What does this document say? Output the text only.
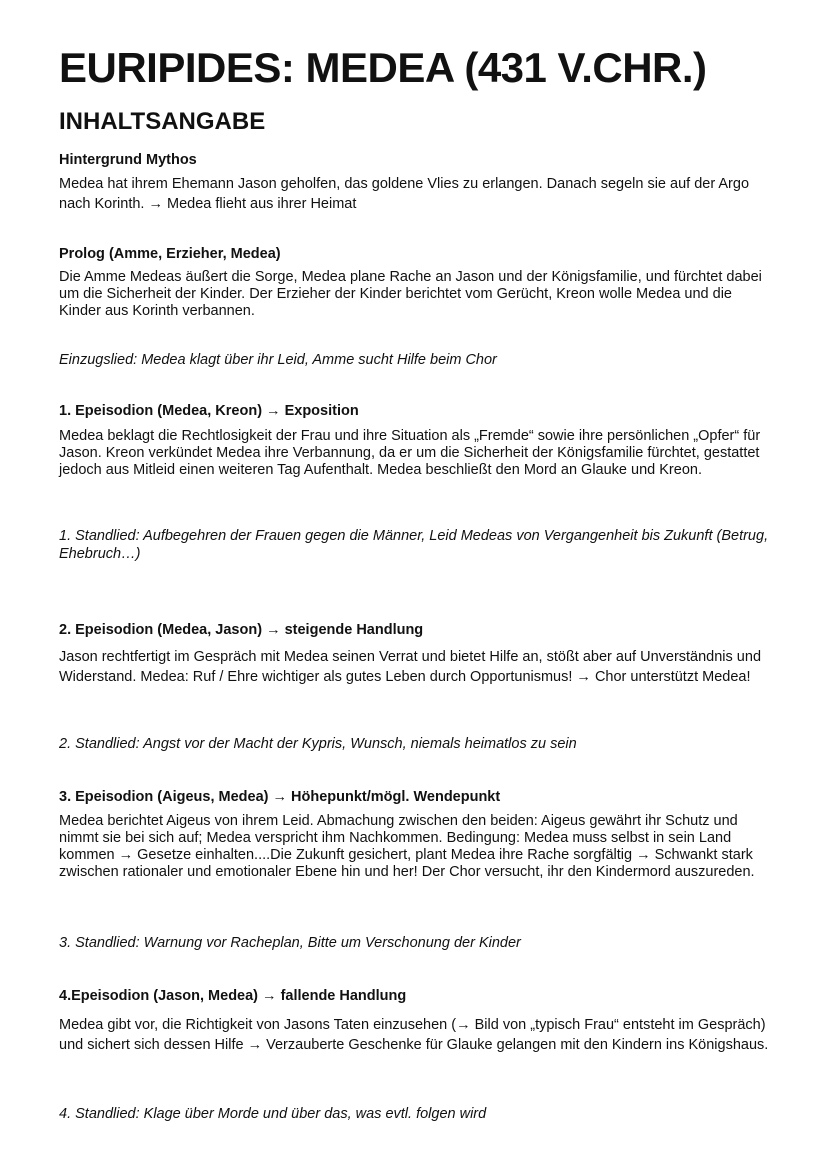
EURIPIDES: MEDEA (431 V.CHR.)
INHALTSANGABE
Hintergrund Mythos

Medea hat ihrem Ehemann Jason geholfen, das goldene Vlies zu erlangen. Danach segeln sie auf der Argo nach Korinth. → Medea flieht aus ihrer Heimat

Prolog (Amme, Erzieher, Medea)

Die Amme Medeas äußert die Sorge, Medea plane Rache an Jason und der Königsfamilie, und fürchtet dabei um die Sicherheit der Kinder. Der Erzieher der Kinder berichtet vom Gerücht, Kreon wolle Medea und die Kinder aus Korinth verbannen.

Einzugslied: Medea klagt über ihr Leid, Amme sucht Hilfe beim Chor

1. Epeisodion (Medea, Kreon) → Exposition

Medea beklagt die Rechtlosigkeit der Frau und ihre Situation als „Fremde“ sowie ihre persönlichen „Opfer“ für Jason. Kreon verkündet Medea ihre Verbannung, da er um die Sicherheit der Königsfamilie fürchtet, gestattet jedoch aus Mitleid einen weiteren Tag Aufenthalt. Medea beschließt den Mord an Glauke und Kreon.

1. Standlied: Aufbegehren der Frauen gegen die Männer, Leid Medeas von Vergangenheit bis Zukunft (Betrug, Ehebruch…)

2. Epeisodion (Medea, Jason) → steigende Handlung

Jason rechtfertigt im Gespräch mit Medea seinen Verrat und bietet Hilfe an, stößt aber auf Unverständnis und Widerstand. Medea: Ruf / Ehre wichtiger als gutes Leben durch Opportunismus! → Chor unterstützt Medea!

2. Standlied: Angst vor der Macht der Kypris, Wunsch, niemals heimatlos zu sein

3. Epeisodion (Aigeus, Medea) → Höhepunkt/mögl. Wendepunkt

Medea berichtet Aigeus von ihrem Leid. Abmachung zwischen den beiden: Aigeus gewährt ihr Schutz und nimmt sie bei sich auf; Medea verspricht ihm Nachkommen. Bedingung: Medea muss selbst in sein Land kommen → Gesetze einhalten....Die Zukunft gesichert, plant Medea ihre Rache sorgfältig → Schwankt stark zwischen rationaler und emotionaler Ebene hin und her! Der Chor versucht, ihr den Kindermord auszureden.

3. Standlied: Warnung vor Racheplan, Bitte um Verschonung der Kinder

4.Epeisodion (Jason, Medea) → fallende Handlung

Medea gibt vor, die Richtigkeit von Jasons Taten einzusehen (→ Bild von „typisch Frau“ entsteht im Gespräch) und sichert sich dessen Hilfe → Verzauberte Geschenke für Glauke gelangen mit den Kindern ins Königshaus.

4. Standlied: Klage über Morde und über das, was evtl. folgen wird
